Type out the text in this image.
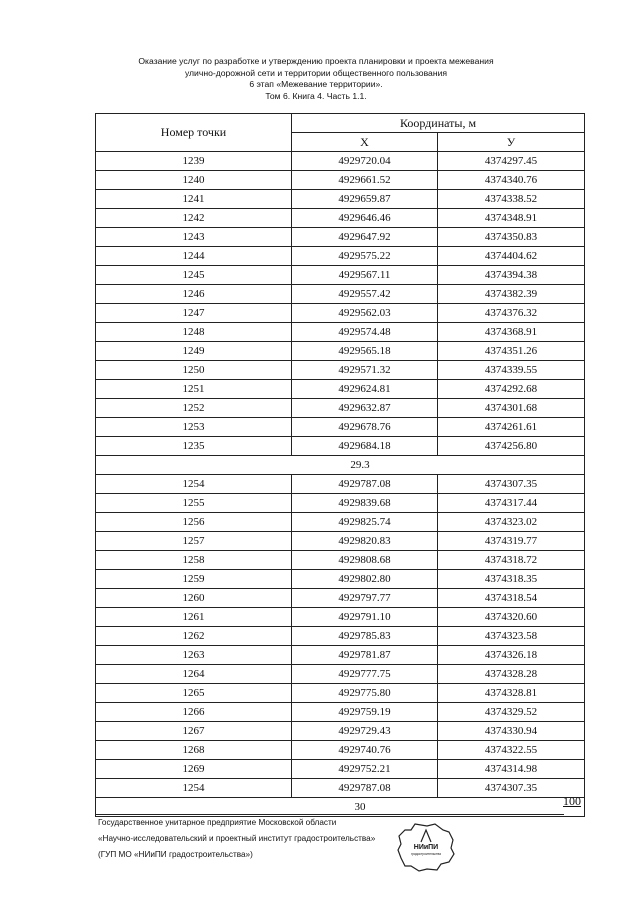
Оказание услуг по разработке и утверждению проекта планировки и проекта межевания
улично-дорожной сети и территории общественного пользования
6 этап «Межевание территории».
Том 6. Книга 4. Часть 1.1.
Номер точки	Координаты, м	
	X	У
1239	4929720.04	4374297.45
1240	4929661.52	4374340.76
1241	4929659.87	4374338.52
1242	4929646.46	4374348.91
1243	4929647.92	4374350.83
1244	4929575.22	4374404.62
1245	4929567.11	4374394.38
1246	4929557.42	4374382.39
1247	4929562.03	4374376.32
1248	4929574.48	4374368.91
1249	4929565.18	4374351.26
1250	4929571.32	4374339.55
1251	4929624.81	4374292.68
1252	4929632.87	4374301.68
1253	4929678.76	4374261.61
1235	4929684.18	4374256.80
29.3		
1254	4929787.08	4374307.35
1255	4929839.68	4374317.44
1256	4929825.74	4374323.02
1257	4929820.83	4374319.77
1258	4929808.68	4374318.72
1259	4929802.80	4374318.35
1260	4929797.77	4374318.54
1261	4929791.10	4374320.60
1262	4929785.83	4374323.58
1263	4929781.87	4374326.18
1264	4929777.75	4374328.28
1265	4929775.80	4374328.81
1266	4929759.19	4374329.52
1267	4929729.43	4374330.94
1268	4929740.76	4374322.55
1269	4929752.21	4374314.98
1254	4929787.08	4374307.35
30			100
Государственное унитарное предприятие Московской области
«Научно-исследовательский и проектный институт градостроительства»
(ГУП МО «НИиПИ градостроительства»)
НИиПИ
градостроительства
